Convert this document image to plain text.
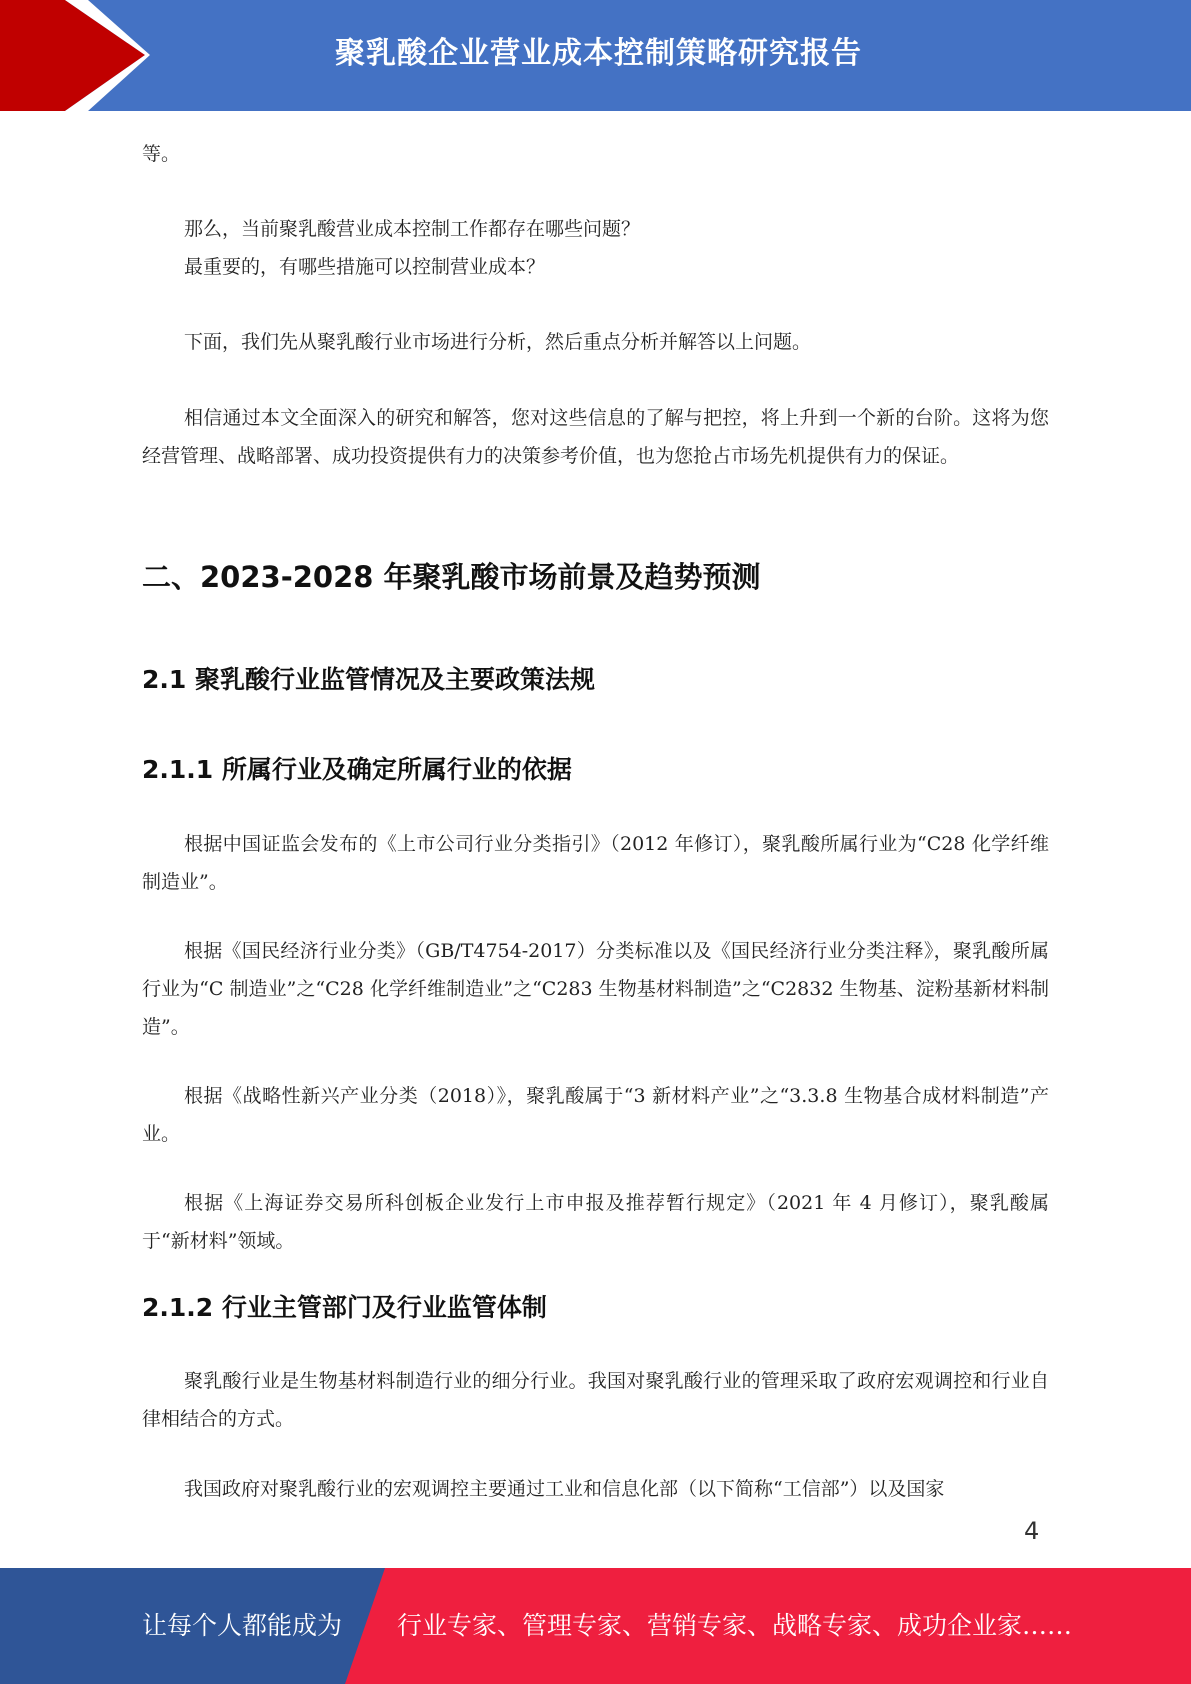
聚乳酸企业营业成本控制策略研究报告

等。

那么，当前聚乳酸营业成本控制工作都存在哪些问题？

最重要的，有哪些措施可以控制营业成本？

下面，我们先从聚乳酸行业市场进行分析，然后重点分析并解答以上问题。

相信通过本文全面深入的研究和解答，您对这些信息的了解与把控，将上升到一个新的台阶。这将为您经营管理、战略部署、成功投资提供有力的决策参考价值，也为您抢占市场先机提供有力的保证。

二、2023-2028 年聚乳酸市场前景及趋势预测
2.1 聚乳酸行业监管情况及主要政策法规
2.1.1 所属行业及确定所属行业的依据

根据中国证监会发布的《上市公司行业分类指引》（2012 年修订），聚乳酸所属行业为“C28 化学纤维制造业”。

根据《国民经济行业分类》（GB/T4754-2017）分类标准以及《国民经济行业分类注释》，聚乳酸所属行业为“C 制造业”之“C28 化学纤维制造业”之“C283 生物基材料制造”之“C2832 生物基、淀粉基新材料制造”。

根据《战略性新兴产业分类（2018）》，聚乳酸属于“3 新材料产业”之“3.3.8 生物基合成材料制造”产业。

根据《上海证券交易所科创板企业发行上市申报及推荐暂行规定》（2021 年 4 月修订），聚乳酸属于“新材料”领域。

2.1.2 行业主管部门及行业监管体制

聚乳酸行业是生物基材料制造行业的细分行业。我国对聚乳酸行业的管理采取了政府宏观调控和行业自律相结合的方式。

我国政府对聚乳酸行业的宏观调控主要通过工业和信息化部（以下简称“工信部”）以及国家

4
让每个人都能成为 行业专家、管理专家、营销专家、战略专家、成功企业家……
